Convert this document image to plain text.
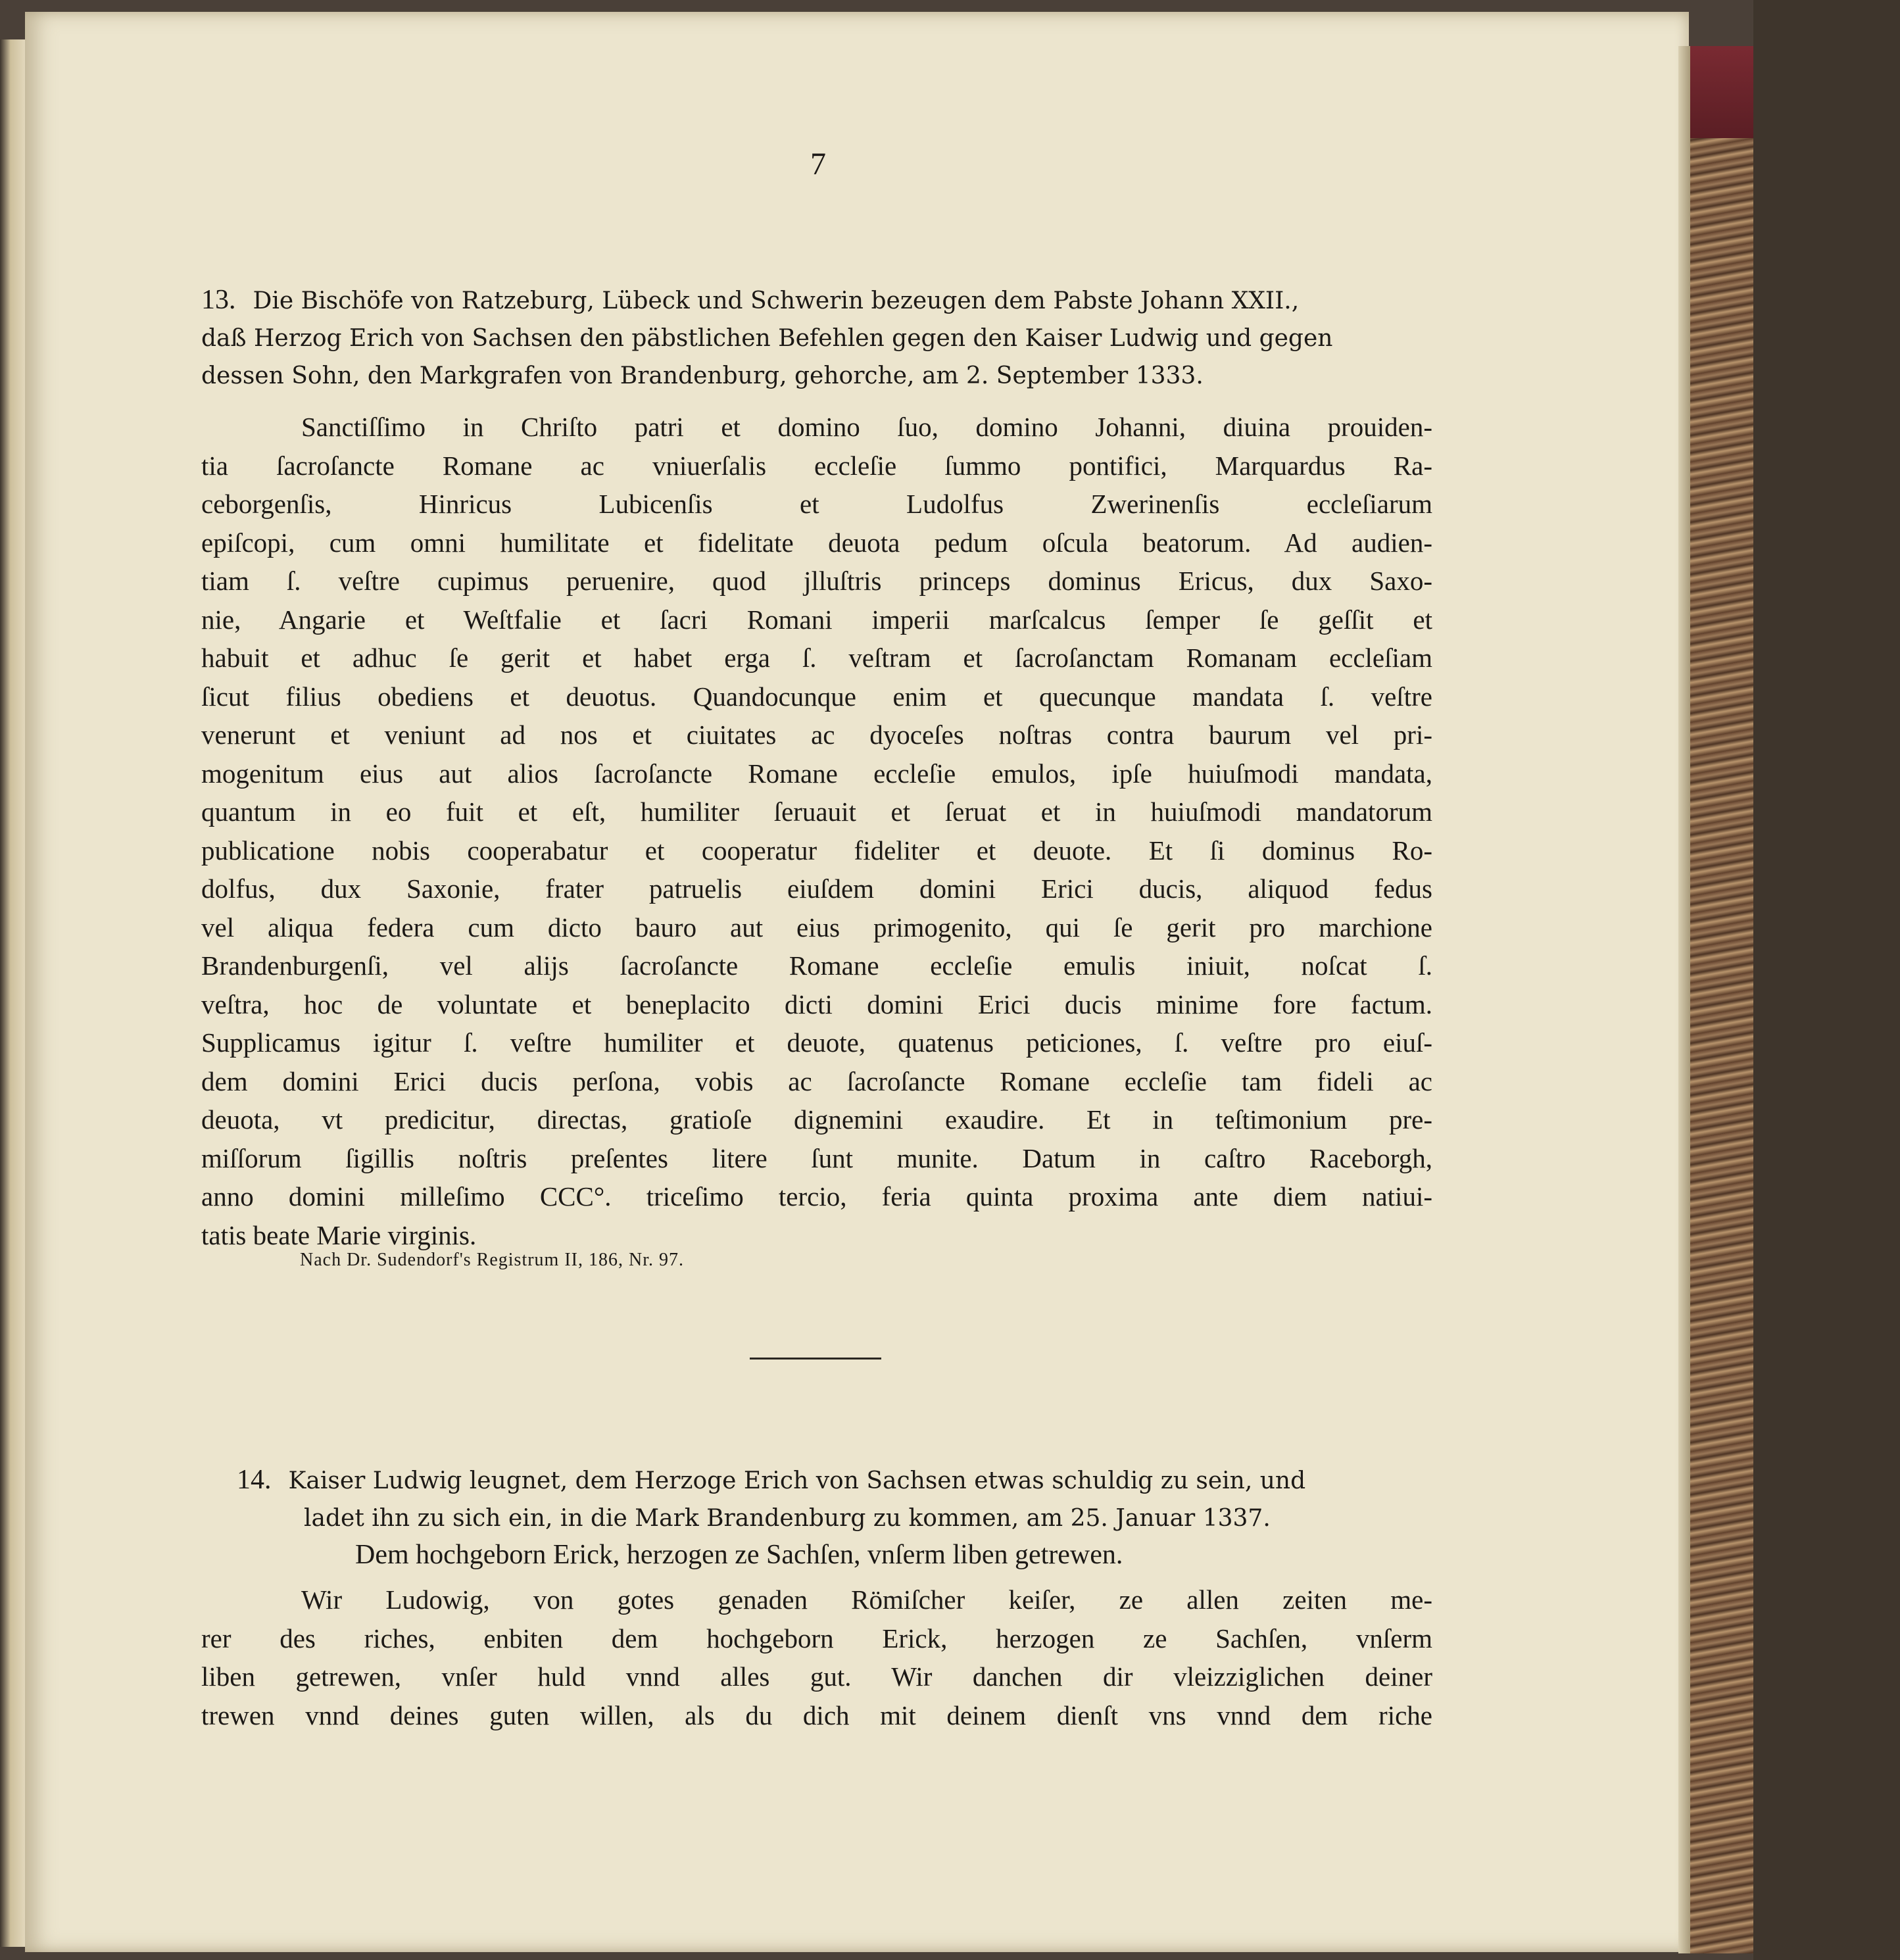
7

13. Die Bischöfe von Ratzeburg, Lübeck und Schwerin bezeugen dem Pabste Johann XXII.,
daß Herzog Erich von Sachsen den päbstlichen Befehlen gegen den Kaiser Ludwig und gegen
dessen Sohn, den Markgrafen von Brandenburg, gehorche, am 2. September 1333.

Sanctiſſimo in Chriſto patri et domino ſuo, domino Johanni, diuina prouiden-
tia ſacroſancte Romane ac vniuerſalis eccleſie ſummo pontifici, Marquardus Ra-
ceborgenſis, Hinricus Lubicenſis et Ludolfus Zwerinenſis eccleſiarum
epiſcopi, cum omni humilitate et fidelitate deuota pedum oſcula beatorum. Ad audien-
tiam ſ. veſtre cupimus peruenire, quod jlluſtris princeps dominus Ericus, dux Saxo-
nie, Angarie et Weſtfalie et ſacri Romani imperii marſcalcus ſemper ſe geſſit et
habuit et adhuc ſe gerit et habet erga ſ. veſtram et ſacroſanctam Romanam eccleſiam
ſicut filius obediens et deuotus. Quandocunque enim et quecunque mandata ſ. veſtre
venerunt et veniunt ad nos et ciuitates ac dyoceſes noſtras contra baurum vel pri-
mogenitum eius aut alios ſacroſancte Romane eccleſie emulos, ipſe huiuſmodi mandata,
quantum in eo fuit et eſt, humiliter ſeruauit et ſeruat et in huiuſmodi mandatorum
publicatione nobis cooperabatur et cooperatur fideliter et deuote. Et ſi dominus Ro-
dolfus, dux Saxonie, frater patruelis eiuſdem domini Erici ducis, aliquod fedus
vel aliqua federa cum dicto bauro aut eius primogenito, qui ſe gerit pro marchione
Brandenburgenſi, vel alijs ſacroſancte Romane eccleſie emulis iniuit, noſcat ſ.
veſtra, hoc de voluntate et beneplacito dicti domini Erici ducis minime fore factum.
Supplicamus igitur ſ. veſtre humiliter et deuote, quatenus peticiones, ſ. veſtre pro eiuſ-
dem domini Erici ducis perſona, vobis ac ſacroſancte Romane eccleſie tam fideli ac
deuota, vt predicitur, directas, gratioſe dignemini exaudire. Et in teſtimonium pre-
miſſorum ſigillis noſtris preſentes litere ſunt munite. Datum in caſtro Raceborgh,
anno domini milleſimo CCC°. triceſimo tercio, feria quinta proxima ante diem natiui-
tatis beate Marie virginis.

Nach Dr. Sudendorf's Registrum II, 186, Nr. 97.

14. Kaiser Ludwig leugnet, dem Herzoge Erich von Sachsen etwas schuldig zu sein, und
ladet ihn zu sich ein, in die Mark Brandenburg zu kommen, am 25. Januar 1337.

Dem hochgeborn Erick, herzogen ze Sachſen, vnſerm liben getrewen.

Wir Ludowig, von gotes genaden Römiſcher keiſer, ze allen zeiten me-
rer des riches, enbiten dem hochgeborn Erick, herzogen ze Sachſen, vnſerm
liben getrewen, vnſer huld vnnd alles gut. Wir danchen dir vleizziglichen deiner
trewen vnnd deines guten willen, als du dich mit deinem dienſt vns vnnd dem riche
